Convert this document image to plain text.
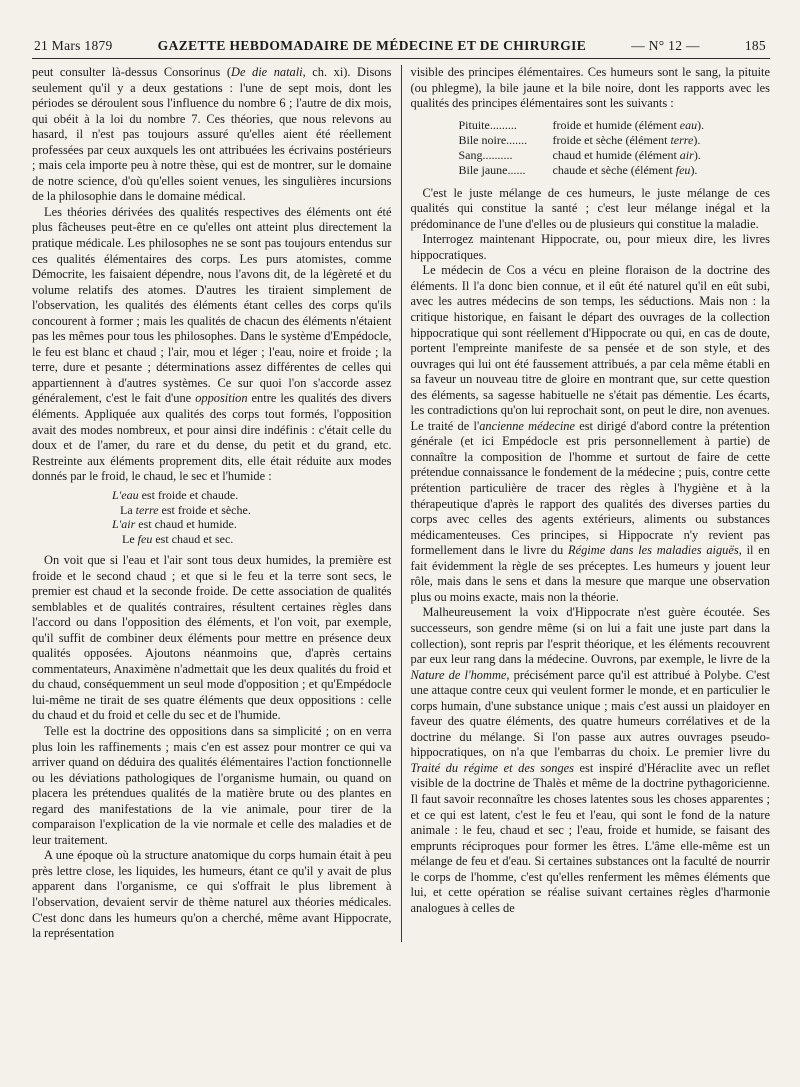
21 Mars 1879	GAZETTE HEBDOMADAIRE DE MÉDECINE ET DE CHIRURGIE	— N° 12 —	185

peut consulter là-dessus Consorinus (De die natali, ch. xi). Disons seulement qu'il y a deux gestations : l'une de sept mois, dont les périodes se déroulent sous l'influence du nombre 6 ; l'autre de dix mois, qui obéit à la loi du nombre 7. Ces théories, que nous relevons au hasard, il n'est pas toujours assuré qu'elles aient été réellement professées par ceux auxquels les ont attribuées les écrivains postérieurs ; mais cela importe peu à notre thèse, qui est de montrer, sur le domaine de notre science, d'où qu'elles soient venues, les singulières incursions de la philosophie dans le domaine médical.

Les théories dérivées des qualités respectives des éléments ont été plus fâcheuses peut-être en ce qu'elles ont atteint plus directement la pratique médicale. Les philosophes ne se sont pas toujours entendus sur ces qualités élémentaires des corps. Les purs atomistes, comme Démocrite, les faisaient dépendre, nous l'avons dit, de la légèreté et du volume relatifs des atomes. D'autres les tiraient simplement de l'observation, les qualités des éléments étant celles des corps qu'ils concourent à former ; mais les qualités de chacun des éléments n'étaient pas les mêmes pour tous les philosophes. Dans le système d'Empédocle, le feu est blanc et chaud ; l'air, mou et léger ; l'eau, noire et froide ; la terre, dure et pesante ; déterminations assez différentes de celles qui appartiennent à d'autres systèmes. Ce sur quoi l'on s'accorde assez généralement, c'est le fait d'une opposition entre les qualités des divers éléments. Appliquée aux qualités des corps tout formés, l'opposition avait des modes nombreux, et pour ainsi dire indéfinis : c'était celle du doux et de l'amer, du rare et du dense, du petit et du grand, etc. Restreinte aux éléments proprement dits, elle était réduite aux modes donnés par le froid, le chaud, le sec et l'humide :

L'eau est froide et chaude.
La terre est froide et sèche.
L'air est chaud et humide.
Le feu est chaud et sec.

On voit que si l'eau et l'air sont tous deux humides, la première est froide et le second chaud ; et que si le feu et la terre sont secs, le premier est chaud et la seconde froide. De cette association de qualités semblables et de qualités contraires, résultent certaines règles dans l'accord ou dans l'opposition des éléments, et l'on voit, par exemple, qu'il suffit de combiner deux éléments pour mettre en présence deux qualités opposées. Ajoutons néanmoins que, d'après certains commentateurs, Anaximène n'admettait que les deux qualités du froid et du chaud, conséquemment un seul mode d'opposition ; et qu'Empédocle lui-même ne tirait de ses quatre éléments que deux oppositions : celle du chaud et du froid et celle du sec et de l'humide.

Telle est la doctrine des oppositions dans sa simplicité ; on en verra plus loin les raffinements ; mais c'en est assez pour montrer ce qui va arriver quand on déduira des qualités élémentaires l'action fonctionnelle ou les déviations pathologiques de l'organisme humain, ou quand on placera les prétendues qualités de la matière brute ou des plantes en regard des manifestations de la vie animale, pour tirer de la comparaison l'explication de la vie normale et celle des maladies et de leur traitement.

A une époque où la structure anatomique du corps humain était à peu près lettre close, les liquides, les humeurs, étant ce qu'il y avait de plus apparent dans l'organisme, ce qui s'offrait le plus librement à l'observation, devaient servir de thème naturel aux théories médicales. C'est donc dans les humeurs qu'on a cherché, même avant Hippocrate, la représentation

visible des principes élémentaires. Ces humeurs sont le sang, la pituite (ou phlegme), la bile jaune et la bile noire, dont les rapports avec les qualités des principes élémentaires sont les suivants :

Pituite.........	froide et humide (élément eau).
Bile noire.......	froide et sèche (élément terre).
Sang..........	chaud et humide (élément air).
Bile jaune......	chaude et sèche (élément feu).

C'est le juste mélange de ces humeurs, le juste mélange de ces qualités qui constitue la santé ; c'est leur mélange inégal et la prédominance de l'une d'elles ou de plusieurs qui constitue la maladie.

Interrogez maintenant Hippocrate, ou, pour mieux dire, les livres hippocratiques.

Le médecin de Cos a vécu en pleine floraison de la doctrine des éléments. Il l'a donc bien connue, et il eût été naturel qu'il en eût subi, avec les autres médecins de son temps, les séductions. Mais non : la critique historique, en faisant le départ des ouvrages de la collection hippocratique qui sont réellement d'Hippocrate ou qui, en cas de doute, portent l'empreinte manifeste de sa pensée et de son style, et des ouvrages qui lui ont été faussement attribués, a par cela même établi en sa faveur un nouveau titre de gloire en montrant que, sur cette question des éléments, sa sagesse habituelle ne s'était pas démentie. Les écarts, les contradictions qu'on lui reprochait sont, on peut le dire, non avenues. Le traité de l'ancienne médecine est dirigé d'abord contre la prétention générale (et ici Empédocle est pris personnellement à partie) de connaître la composition de l'homme et surtout de faire de cette prétendue connaissance le fondement de la médecine ; puis, contre cette prétention particulière de tracer des règles à l'hygiène et à la thérapeutique d'après le rapport des qualités des diverses parties du corps avec celles des agents extérieurs, aliments ou substances médicamenteuses. Ces principes, si Hippocrate n'y revient pas formellement dans le livre du Régime dans les maladies aiguës, il en fait évidemment la règle de ses préceptes. Les humeurs y jouent leur rôle, mais dans le sens et dans la mesure que marque une observation plus ou moins exacte, mais non la théorie.

Malheureusement la voix d'Hippocrate n'est guère écoutée. Ses successeurs, son gendre même (si on lui a fait une juste part dans la collection), sont repris par l'esprit théorique, et les éléments recouvrent par eux leur rang dans la médecine. Ouvrons, par exemple, le livre de la Nature de l'homme, précisément parce qu'il est attribué à Polybe. C'est une attaque contre ceux qui veulent former le monde, et en particulier le corps humain, d'une substance unique ; mais c'est aussi un plaidoyer en faveur des quatre éléments, des quatre humeurs corrélatives et de la doctrine du mélange. Si l'on passe aux autres ouvrages pseudo-hippocratiques, on n'a que l'embarras du choix. Le premier livre du Traité du régime et des songes est inspiré d'Héraclite avec un reflet visible de la doctrine de Thalès et même de la doctrine pythagoricienne. Il faut savoir reconnaître les choses latentes sous les choses apparentes ; et ce qui est latent, c'est le feu et l'eau, qui sont le fond de la nature animale : le feu, chaud et sec ; l'eau, froide et humide, se faisant des emprunts réciproques pour former les êtres. L'âme elle-même est un mélange de feu et d'eau. Si certaines substances ont la faculté de nourrir le corps de l'homme, c'est qu'elles renferment les mêmes éléments que lui, et cette opération se réalise suivant certaines règles d'harmonie analogues à celles de
